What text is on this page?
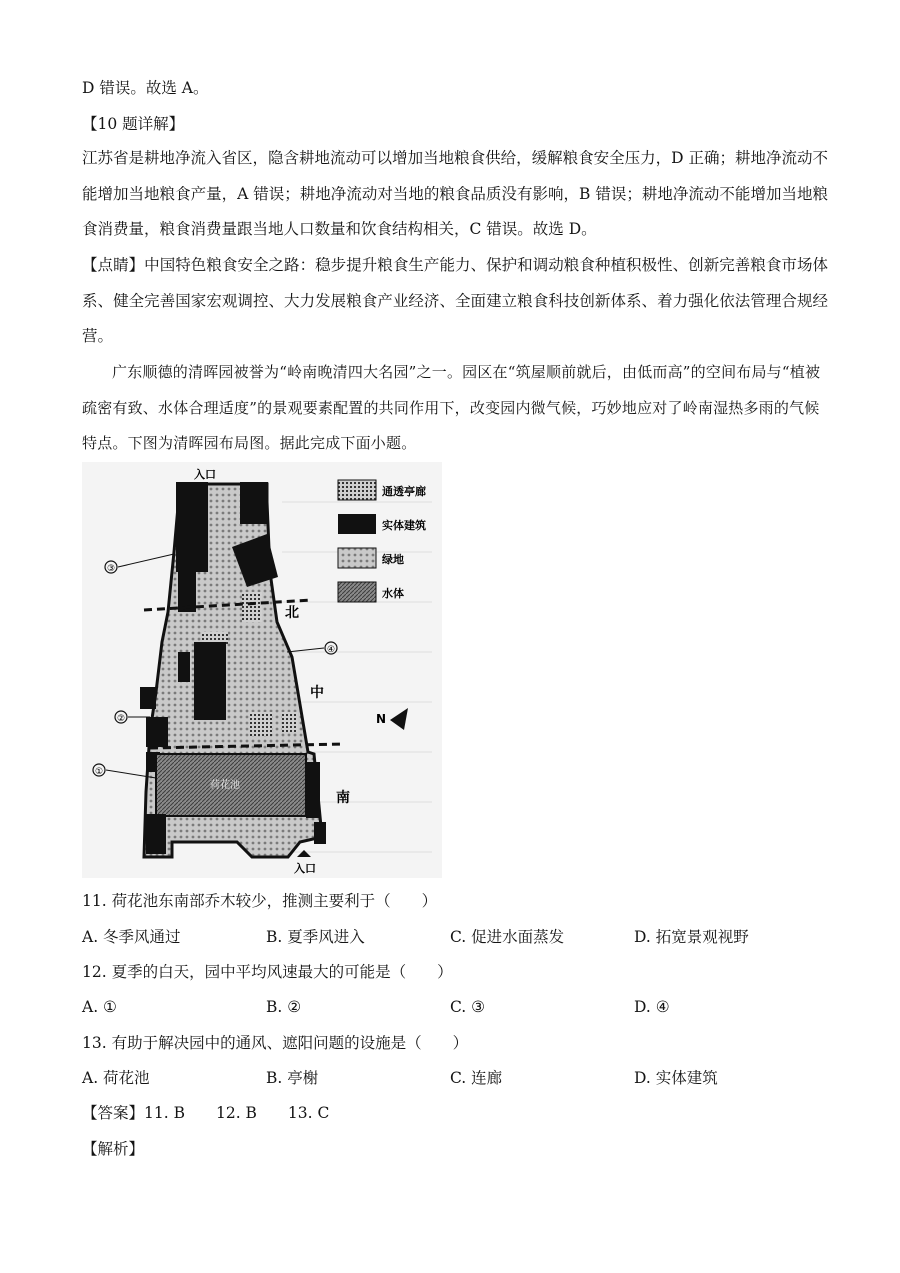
D 错误。故选 A。
【10 题详解】
江苏省是耕地净流入省区，隐含耕地流动可以增加当地粮食供给，缓解粮食安全压力，D 正确；耕地净流动不能增加当地粮食产量，A 错误；耕地净流动对当地的粮食品质没有影响，B 错误；耕地净流动不能增加当地粮食消费量，粮食消费量跟当地人口数量和饮食结构相关，C 错误。故选 D。
【点睛】中国特色粮食安全之路：稳步提升粮食生产能力、保护和调动粮食种植积极性、创新完善粮食市场体系、健全完善国家宏观调控、大力发展粮食产业经济、全面建立粮食科技创新体系、着力强化依法管理合规经营。
广东顺德的清晖园被誉为“岭南晚清四大名园”之一。园区在“筑屋顺前就后，由低而高”的空间布局与“植被疏密有致、水体合理适度”的景观要素配置的共同作用下，改变园内微气候，巧妙地应对了岭南湿热多雨的气候特点。下图为清晖园布局图。据此完成下面小题。
荷花池
入口
入口
③
④
②
①
北
中
南
N
通透亭廊
实体建筑
绿地
水体
11. 荷花池东南部乔木较少，推测主要利于（　　）
A. 冬季风通过	B. 夏季风进入	C. 促进水面蒸发	D. 拓宽景观视野
12. 夏季的白天，园中平均风速最大的可能是（　　）
A. ①	B. ②	C. ③	D. ④
13. 有助于解决园中的通风、遮阳问题的设施是（　　）
A. 荷花池	B. 亭榭	C. 连廊	D. 实体建筑
【答案】11. B　　12. B　　13. C
【解析】
